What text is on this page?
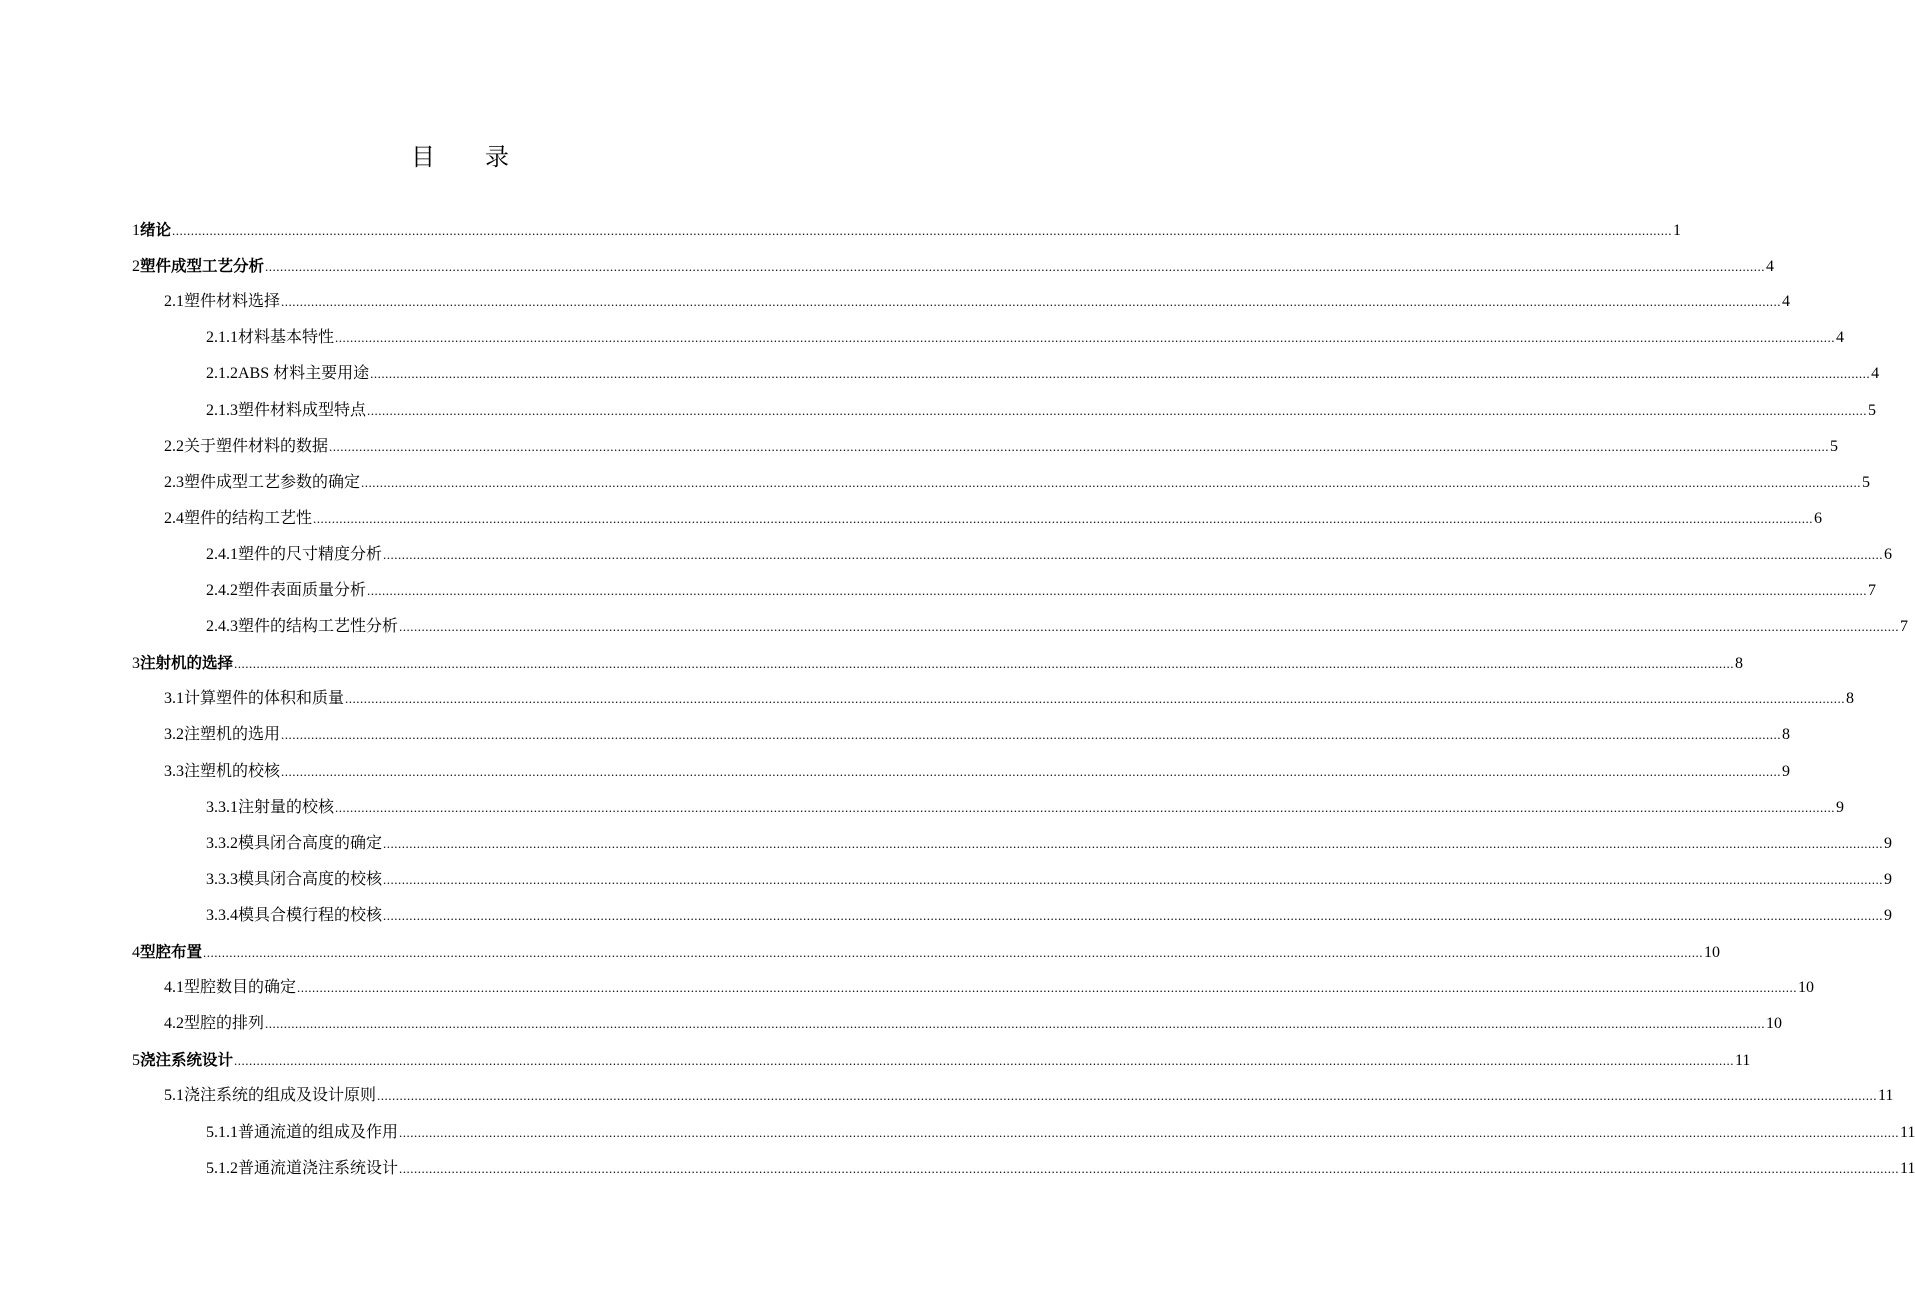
目 录
1 绪论 ................................................................................................................................................................................................................................................................................................................................................................................................................ 1
2 塑件成型工艺分析 ................................................................................................................................................................................................................................................................................................................................................................................................................ 4
2.1 塑件材料选择 ................................................................................................................................................................................................................................................................................................................................................................................................................ 4
2.1.1 材料基本特性 ................................................................................................................................................................................................................................................................................................................................................................................................................ 4
2.1.2 ABS 材料主要用途 ................................................................................................................................................................................................................................................................................................................................................................................................................ 4
2.1.3 塑件材料成型特点 ................................................................................................................................................................................................................................................................................................................................................................................................................ 5
2.2 关于塑件材料的数据 ................................................................................................................................................................................................................................................................................................................................................................................................................ 5
2.3 塑件成型工艺参数的确定 ................................................................................................................................................................................................................................................................................................................................................................................................................ 5
2.4 塑件的结构工艺性 ................................................................................................................................................................................................................................................................................................................................................................................................................ 6
2.4.1 塑件的尺寸精度分析 ................................................................................................................................................................................................................................................................................................................................................................................................................ 6
2.4.2 塑件表面质量分析 ................................................................................................................................................................................................................................................................................................................................................................................................................ 7
2.4.3 塑件的结构工艺性分析 ................................................................................................................................................................................................................................................................................................................................................................................................................ 7
3 注射机的选择 ................................................................................................................................................................................................................................................................................................................................................................................................................ 8
3.1 计算塑件的体积和质量 ................................................................................................................................................................................................................................................................................................................................................................................................................ 8
3.2 注塑机的选用 ................................................................................................................................................................................................................................................................................................................................................................................................................ 8
3.3 注塑机的校核 ................................................................................................................................................................................................................................................................................................................................................................................................................ 9
3.3.1 注射量的校核 ................................................................................................................................................................................................................................................................................................................................................................................................................ 9
3.3.2 模具闭合高度的确定 ................................................................................................................................................................................................................................................................................................................................................................................................................ 9
3.3.3 模具闭合高度的校核 ................................................................................................................................................................................................................................................................................................................................................................................................................ 9
3.3.4 模具合模行程的校核 ................................................................................................................................................................................................................................................................................................................................................................................................................ 9
4 型腔布置 ................................................................................................................................................................................................................................................................................................................................................................................................................ 10
4.1 型腔数目的确定 ................................................................................................................................................................................................................................................................................................................................................................................................................ 10
4.2 型腔的排列 ................................................................................................................................................................................................................................................................................................................................................................................................................ 10
5 浇注系统设计 ................................................................................................................................................................................................................................................................................................................................................................................................................ 11
5.1 浇注系统的组成及设计原则 ................................................................................................................................................................................................................................................................................................................................................................................................................ 11
5.1.1 普通流道的组成及作用 ................................................................................................................................................................................................................................................................................................................................................................................................................ 11
5.1.2 普通流道浇注系统设计 ................................................................................................................................................................................................................................................................................................................................................................................................................ 11
